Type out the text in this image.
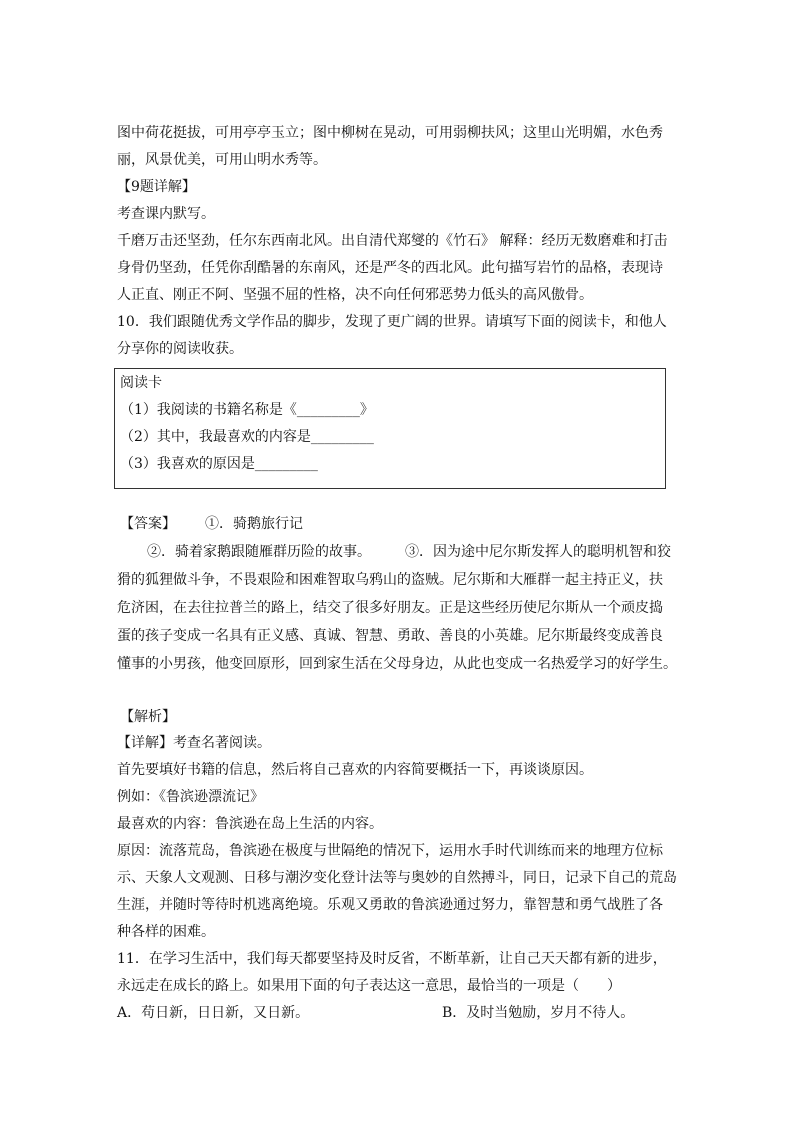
图中荷花挺拔，可用亭亭玉立；图中柳树在晃动，可用弱柳扶风；这里山光明媚，水色秀
丽，风景优美，可用山明水秀等。
【9题详解】
考查课内默写。
千磨万击还坚劲，任尔东西南北风。出自清代郑燮的《竹石》 解释：经历无数磨难和打击
身骨仍坚劲，任凭你刮酷暑的东南风，还是严冬的西北风。此句描写岩竹的品格，表现诗
人正直、刚正不阿、坚强不屈的性格，决不向任何邪恶势力低头的高风傲骨。
10．我们跟随优秀文学作品的脚步，发现了更广阔的世界。请填写下面的阅读卡，和他人
分享你的阅读收获。
阅读卡
（1）我阅读的书籍名称是《_________》
（2）其中，我最喜欢的内容是_________
（3）我喜欢的原因是_________
【答案】 ①．骑鹅旅行记
②．骑着家鹅跟随雁群历险的故事。 ③．因为途中尼尔斯发挥人的聪明机智和狡
猾的狐狸做斗争，不畏艰险和困难智取乌鸦山的盗贼。尼尔斯和大雁群一起主持正义，扶
危济困，在去往拉普兰的路上，结交了很多好朋友。正是这些经历使尼尔斯从一个顽皮捣
蛋的孩子变成一名具有正义感、真诚、智慧、勇敢、善良的小英雄。尼尔斯最终变成善良
懂事的小男孩，他变回原形，回到家生活在父母身边，从此也变成一名热爱学习的好学生。
【解析】
【详解】考查名著阅读。
首先要填好书籍的信息，然后将自己喜欢的内容简要概括一下，再谈谈原因。
例如：《鲁滨逊漂流记》
最喜欢的内容：鲁滨逊在岛上生活的内容。
原因：流落荒岛，鲁滨逊在极度与世隔绝的情况下，运用水手时代训练而来的地理方位标
示、天象人文观测、日移与潮汐变化登计法等与奥妙的自然搏斗，同日，记录下自己的荒岛
生涯，并随时等待时机逃离绝境。乐观又勇敢的鲁滨逊通过努力，靠智慧和勇气战胜了各
种各样的困难。
11．在学习生活中，我们每天都要坚持及时反省，不断革新，让自己天天都有新的进步，
永远走在成长的路上。如果用下面的句子表达这一意思，最恰当的一项是（　　）
A．苟日新，日日新，又日新。	B．及时当勉励，岁月不待人。
